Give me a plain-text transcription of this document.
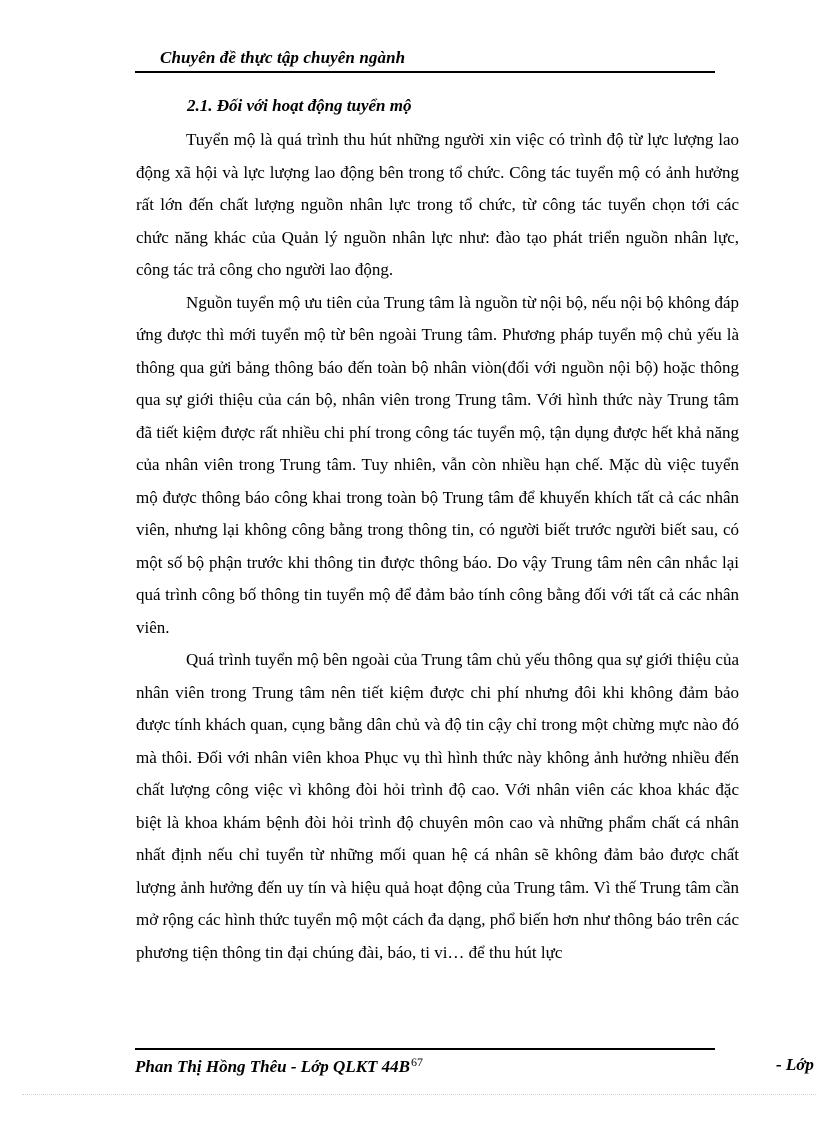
Chuyên đề thực tập chuyên ngành
2.1. Đối với hoạt động tuyển mộ

Tuyển mộ là quá trình thu hút những người xin việc có trình độ từ lực lượng lao động xã hội và lực lượng lao động bên trong tổ chức. Công tác tuyển mộ có ảnh hưởng rất lớn đến chất lượng nguồn nhân lực trong tổ chức, từ công tác tuyển chọn tới các chức năng khác của Quản lý nguồn nhân lực như: đào tạo phát triển nguồn nhân lực, công tác trả công cho người lao động.

Nguồn tuyển mộ ưu tiên của Trung tâm là nguồn từ nội bộ, nếu nội bộ không đáp ứng được thì mới tuyển mộ từ bên ngoài Trung tâm. Phương pháp tuyển mộ chủ yếu là thông qua gửi bảng thông báo đến toàn bộ nhân viòn(đối với nguồn nội bộ) hoặc thông qua sự giới thiệu của cán bộ, nhân viên trong Trung tâm. Với hình thức này Trung tâm đã tiết kiệm được rất nhiều chi phí trong công tác tuyển mộ, tận dụng được hết khả năng của nhân viên trong Trung tâm. Tuy nhiên, vẫn còn nhiều hạn chế. Mặc dù việc tuyển mộ được thông báo công khai trong toàn bộ Trung tâm để khuyến khích tất cả các nhân viên, nhưng lại không công bằng trong thông tin, có người biết trước người biết sau, có một số bộ phận trước khi thông tin được thông báo. Do vậy Trung tâm nên cân nhắc lại quá trình công bố thông tin tuyển mộ để đảm bảo tính công bằng đối với tất cả các nhân viên.

Quá trình tuyển mộ bên ngoài của Trung tâm chủ yếu thông qua sự giới thiệu của nhân viên trong Trung tâm nên tiết kiệm được chi phí nhưng đôi khi không đảm bảo được tính khách quan, cụng bằng dân chủ và độ tin cậy chỉ trong một chừng mực nào đó mà thôi. Đối với nhân viên khoa Phục vụ thì hình thức này không ảnh hưởng nhiều đến chất lượng công việc vì không đòi hỏi trình độ cao. Với nhân viên các khoa khác đặc biệt là khoa khám bệnh đòi hỏi trình độ chuyên môn cao và những phẩm chất cá nhân nhất định nếu chỉ tuyển từ những mối quan hệ cá nhân sẽ không đảm bảo được chất lượng ảnh hưởng đến uy tín và hiệu quả hoạt động của Trung tâm. Vì thế Trung tâm cần mở rộng các hình thức tuyển mộ một cách đa dạng, phổ biến hơn như thông báo trên các phương tiện thông tin đại chúng đài, báo, ti vi… để thu hút lực

Phan Thị Hồng Thêu - Lớp QLKT $44B^{67}$	- Lớp
